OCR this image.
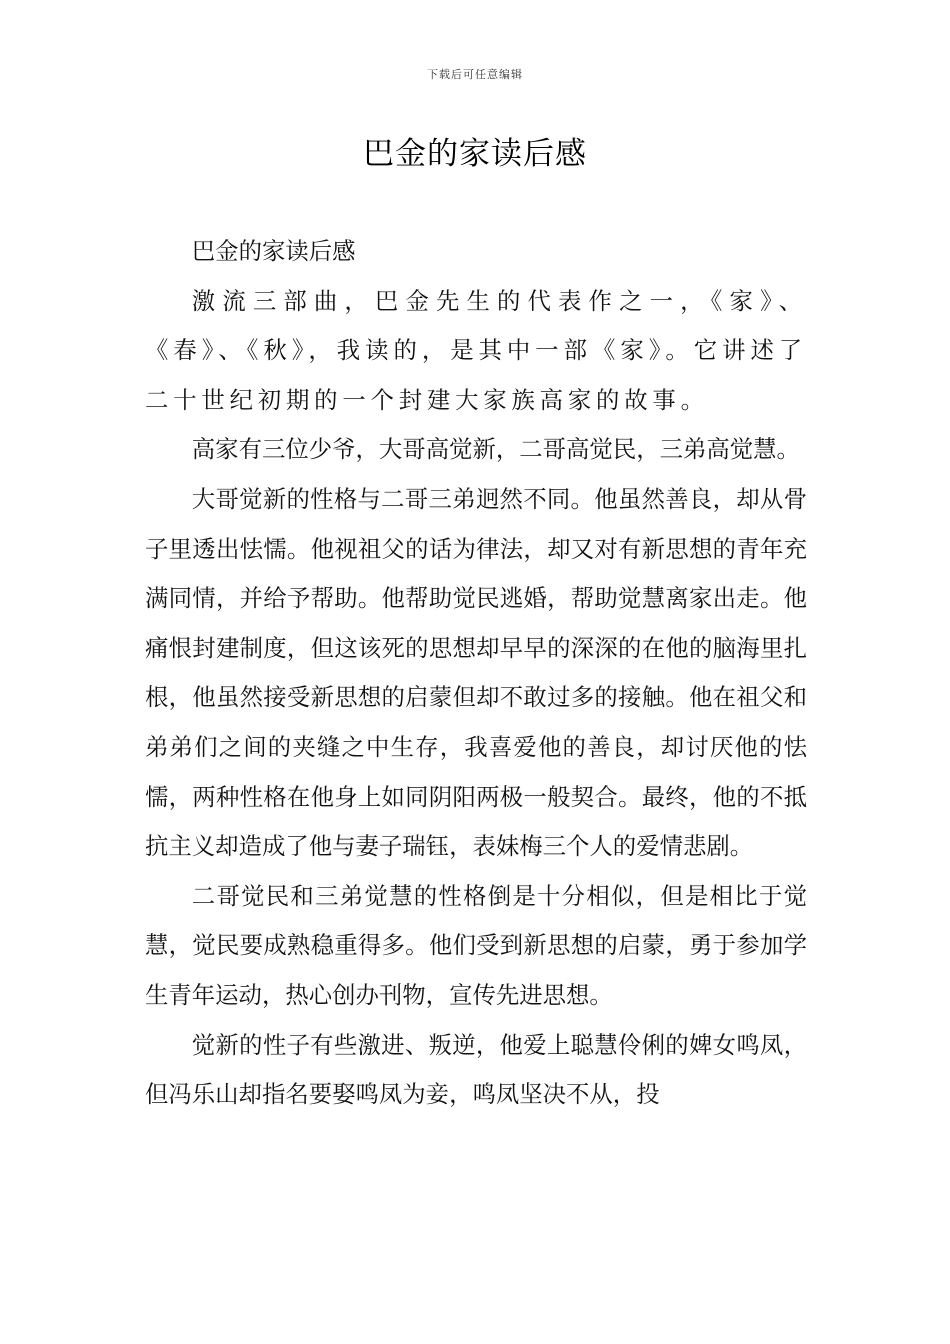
下载后可任意编辑
巴金的家读后感

巴金的家读后感

激流三部曲，巴金先生的代表作之一，《家》、《春》、《秋》，我读的，是其中一部《家》。它讲述了二十世纪初期的一个封建大家族高家的故事。

高家有三位少爷，大哥高觉新，二哥高觉民，三弟高觉慧。

大哥觉新的性格与二哥三弟迥然不同。他虽然善良，却从骨子里透出怯懦。他视祖父的话为律法，却又对有新思想的青年充满同情，并给予帮助。他帮助觉民逃婚，帮助觉慧离家出走。他痛恨封建制度，但这该死的思想却早早的深深的在他的脑海里扎根，他虽然接受新思想的启蒙但却不敢过多的接触。他在祖父和弟弟们之间的夹缝之中生存，我喜爱他的善良，却讨厌他的怯懦，两种性格在他身上如同阴阳两极一般契合。最终，他的不抵抗主义却造成了他与妻子瑞钰，表妹梅三个人的爱情悲剧。

二哥觉民和三弟觉慧的性格倒是十分相似，但是相比于觉慧，觉民要成熟稳重得多。他们受到新思想的启蒙，勇于参加学生青年运动，热心创办刊物，宣传先进思想。

觉新的性子有些激进、叛逆，他爱上聪慧伶俐的婢女鸣凤，但冯乐山却指名要娶鸣凤为妾，鸣凤坚决不从，投
